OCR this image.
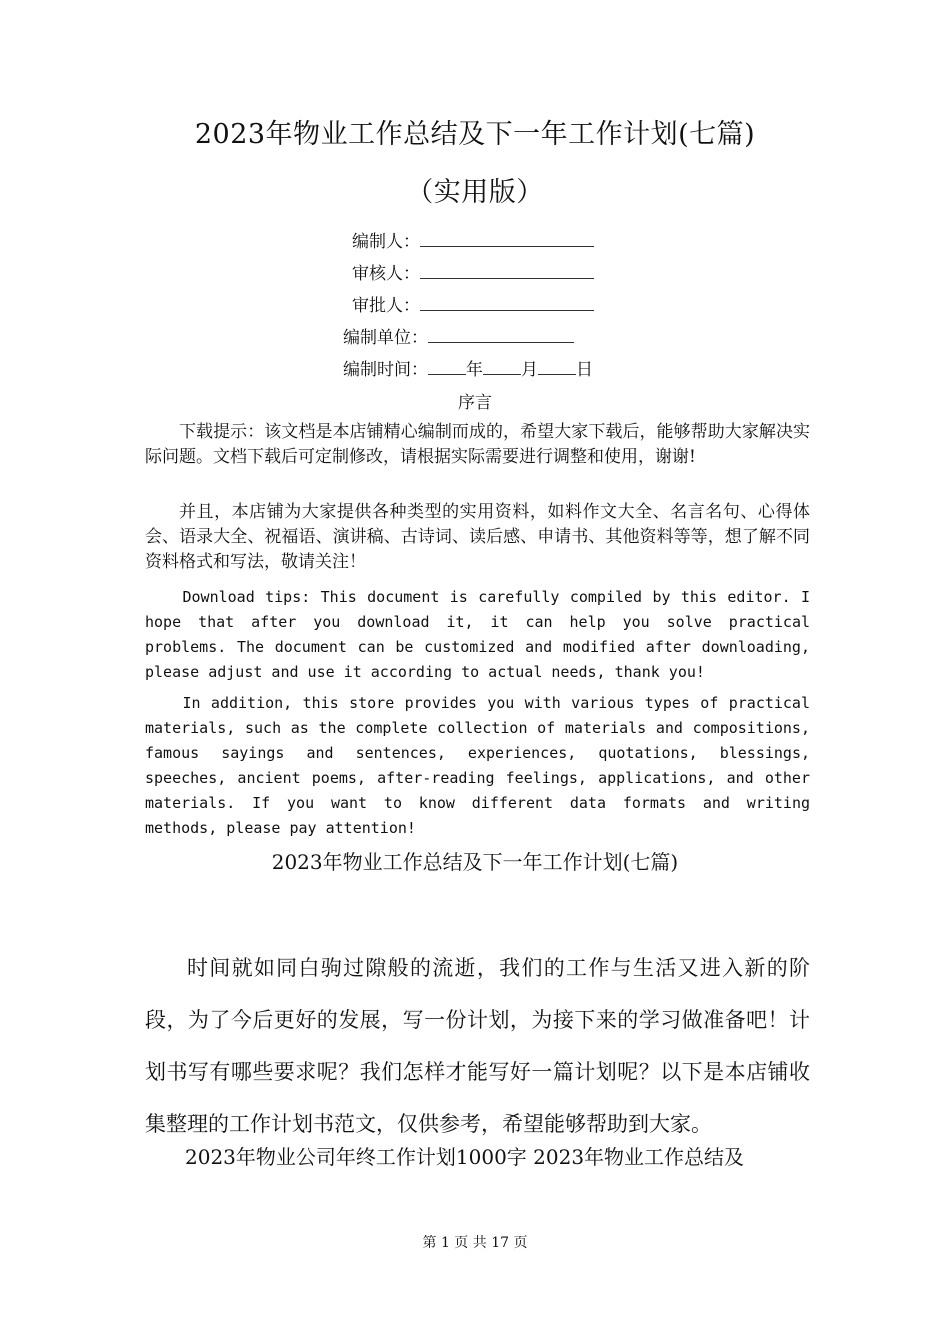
2023年物业工作总结及下一年工作计划(七篇)
（实用版）
编制人：
审核人：
审批人：
编制单位：
编制时间： 年 月 日
序言
下载提示：该文档是本店铺精心编制而成的，希望大家下载后，能够帮助大家解决实际问题。文档下载后可定制修改，请根据实际需要进行调整和使用，谢谢!
并且，本店铺为大家提供各种类型的实用资料，如料作文大全、名言名句、心得体会、语录大全、祝福语、演讲稿、古诗词、读后感、申请书、其他资料等等，想了解不同资料格式和写法，敬请关注！
Download tips: This document is carefully compiled by this editor. I hope that after you download it, it can help you solve practical problems. The document can be customized and modified after downloading, please adjust and use it according to actual needs, thank you!
In addition, this store provides you with various types of practical materials, such as the complete collection of materials and compositions, famous sayings and sentences, experiences, quotations, blessings, speeches, ancient poems, after-reading feelings, applications, and other materials. If you want to know different data formats and writing methods, please pay attention!
2023年物业工作总结及下一年工作计划(七篇)
时间就如同白驹过隙般的流逝，我们的工作与生活又进入新的阶段，为了今后更好的发展，写一份计划，为接下来的学习做准备吧！计划书写有哪些要求呢？我们怎样才能写好一篇计划呢？以下是本店铺收集整理的工作计划书范文，仅供参考，希望能够帮助到大家。
2023年物业公司年终工作计划1000字 2023年物业工作总结及
第 1 页 共 17 页
